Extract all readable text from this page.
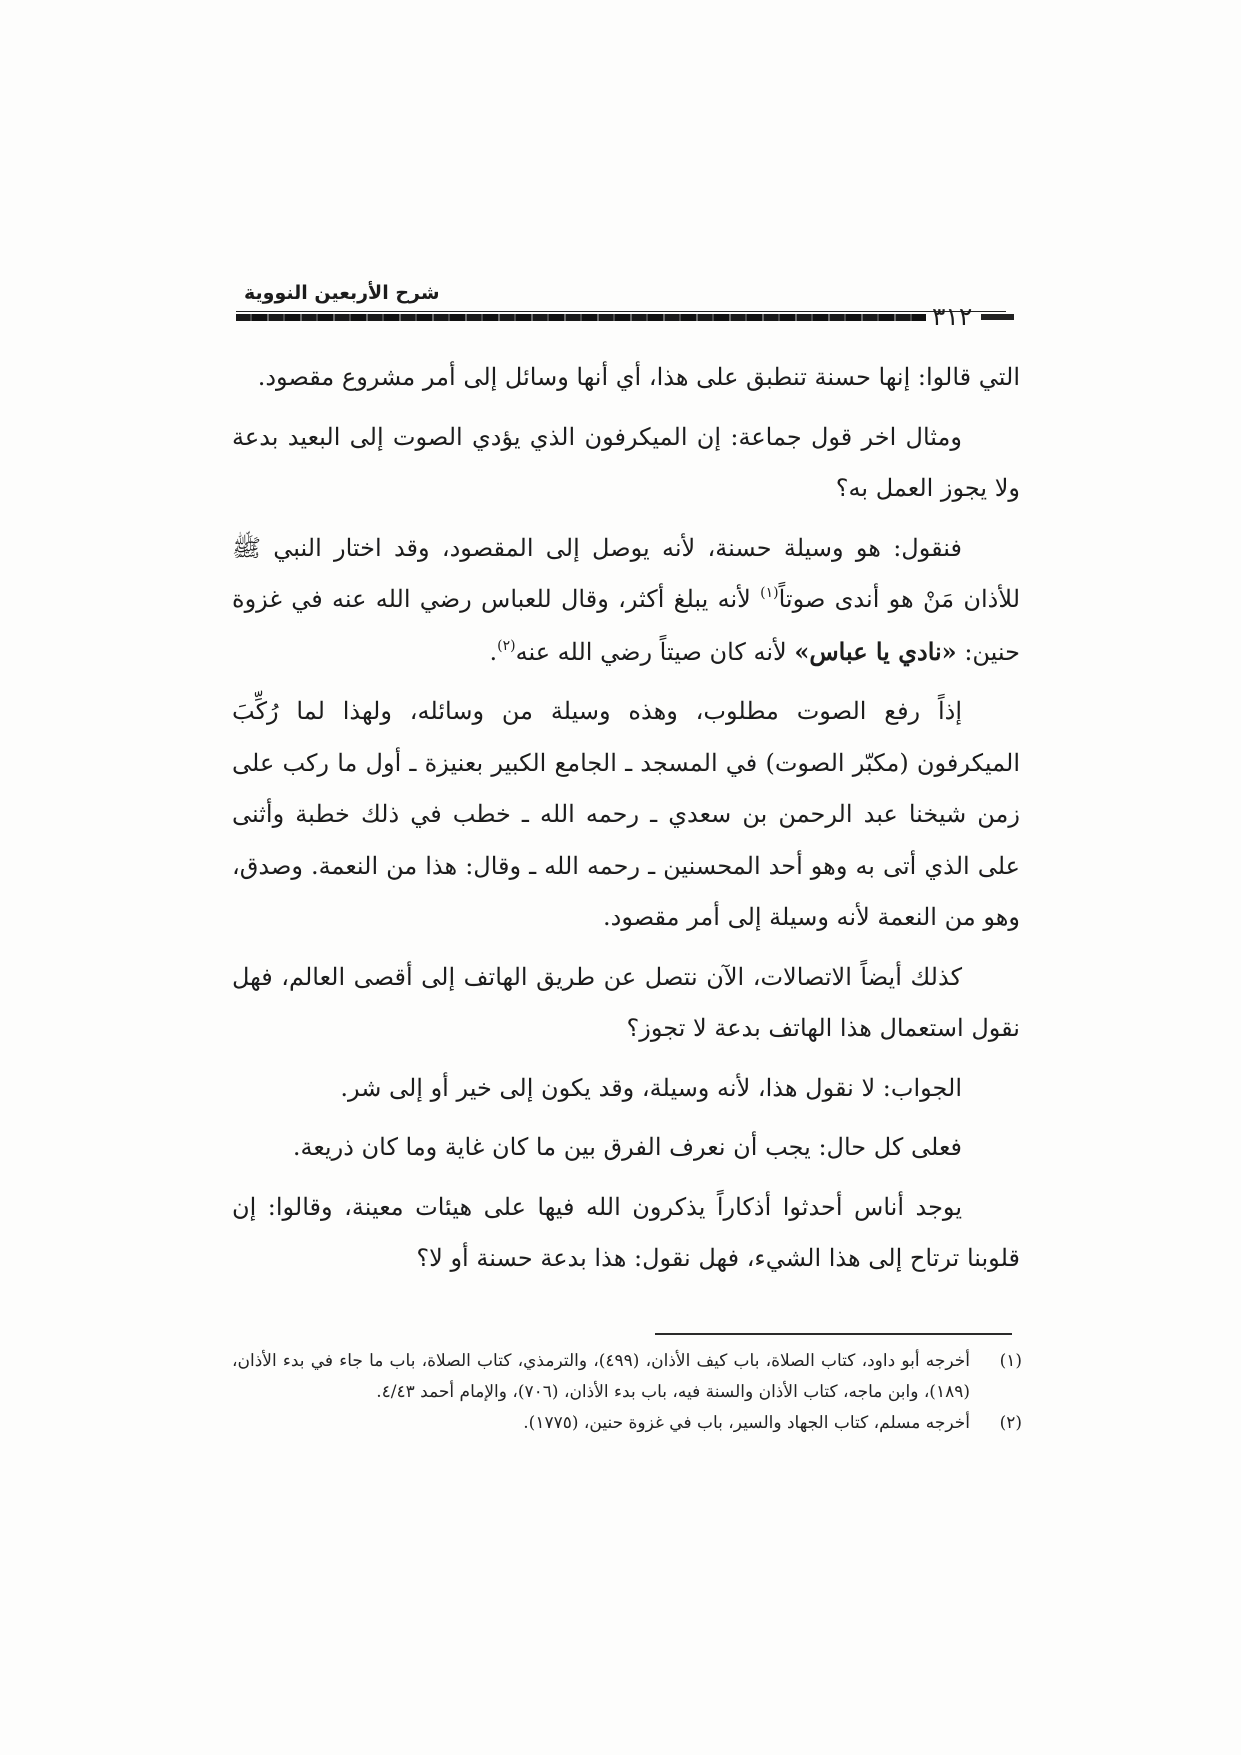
شرح الأربعين النووية
٣١٢

التي قالوا: إنها حسنة تنطبق على هذا، أي أنها وسائل إلى أمر مشروع مقصود.

ومثال اخر قول جماعة: إن الميكرفون الذي يؤدي الصوت إلى البعيد بدعة ولا يجوز العمل به؟

فنقول: هو وسيلة حسنة، لأنه يوصل إلى المقصود، وقد اختار النبي ﷺ للأذان مَنْ هو أندى صوتاً$^{(١)}$ لأنه يبلغ أكثر، وقال للعباس رضي الله عنه في غزوة حنين: «نادي يا عباس» لأنه كان صيتاً رضي الله عنه$^{(٢)}$.

إذاً رفع الصوت مطلوب، وهذه وسيلة من وسائله، ولهذا لما رُكِّبَ الميكرفون (مكبّر الصوت) في المسجد ـ الجامع الكبير بعنيزة ـ أول ما ركب على زمن شيخنا عبد الرحمن بن سعدي ـ رحمه الله ـ خطب في ذلك خطبة وأثنى على الذي أتى به وهو أحد المحسنين ـ رحمه الله ـ وقال: هذا من النعمة. وصدق، وهو من النعمة لأنه وسيلة إلى أمر مقصود.

كذلك أيضاً الاتصالات، الآن نتصل عن طريق الهاتف إلى أقصى العالم، فهل نقول استعمال هذا الهاتف بدعة لا تجوز؟

الجواب: لا نقول هذا، لأنه وسيلة، وقد يكون إلى خير أو إلى شر.

فعلى كل حال: يجب أن نعرف الفرق بين ما كان غاية وما كان ذريعة.

يوجد أناس أحدثوا أذكاراً يذكرون الله فيها على هيئات معينة، وقالوا: إن قلوبنا ترتاح إلى هذا الشيء، فهل نقول: هذا بدعة حسنة أو لا؟

(١)
أخرجه أبو داود، كتاب الصلاة، باب كيف الأذان، (٤٩٩)، والترمذي، كتاب الصلاة، باب ما جاء في بدء الأذان، (١٨٩)، وابن ماجه، كتاب الأذان والسنة فيه، باب بدء الأذان، (٧٠٦)، والإمام أحمد ٤/٤٣.
(٢)
أخرجه مسلم، كتاب الجهاد والسير، باب في غزوة حنين، (١٧٧٥).
